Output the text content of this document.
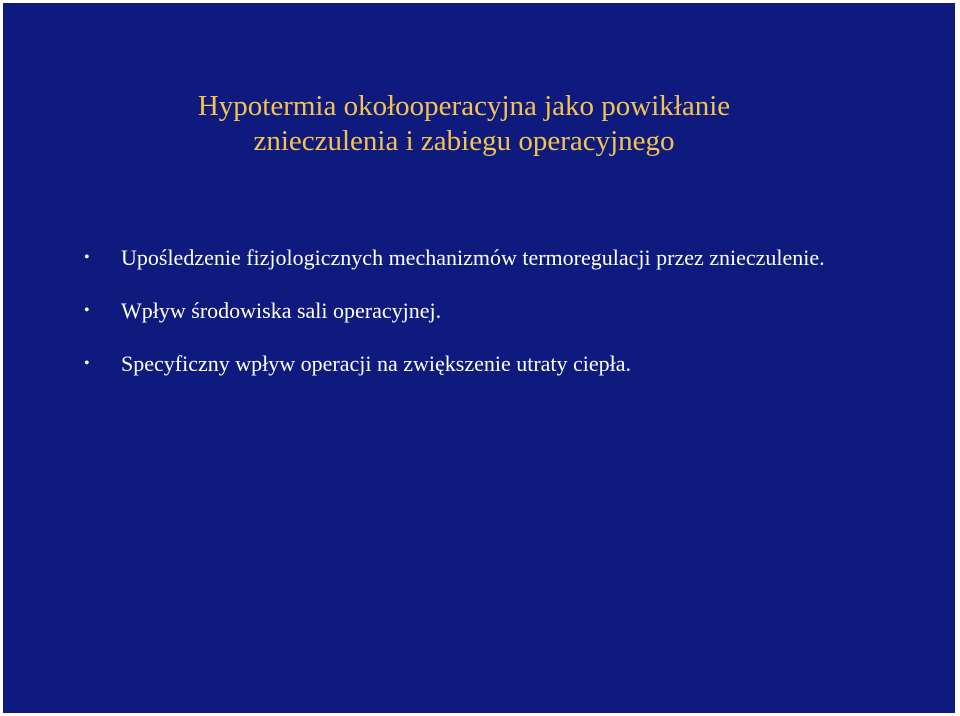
Hypotermia okołooperacyjna jako powikłanie
znieczulenia i zabiegu operacyjnego
• Upośledzenie fizjologicznych mechanizmów termoregulacji przez znieczulenie.
• Wpływ środowiska sali operacyjnej.
• Specyficzny wpływ operacji na zwiększenie utraty ciepła.
